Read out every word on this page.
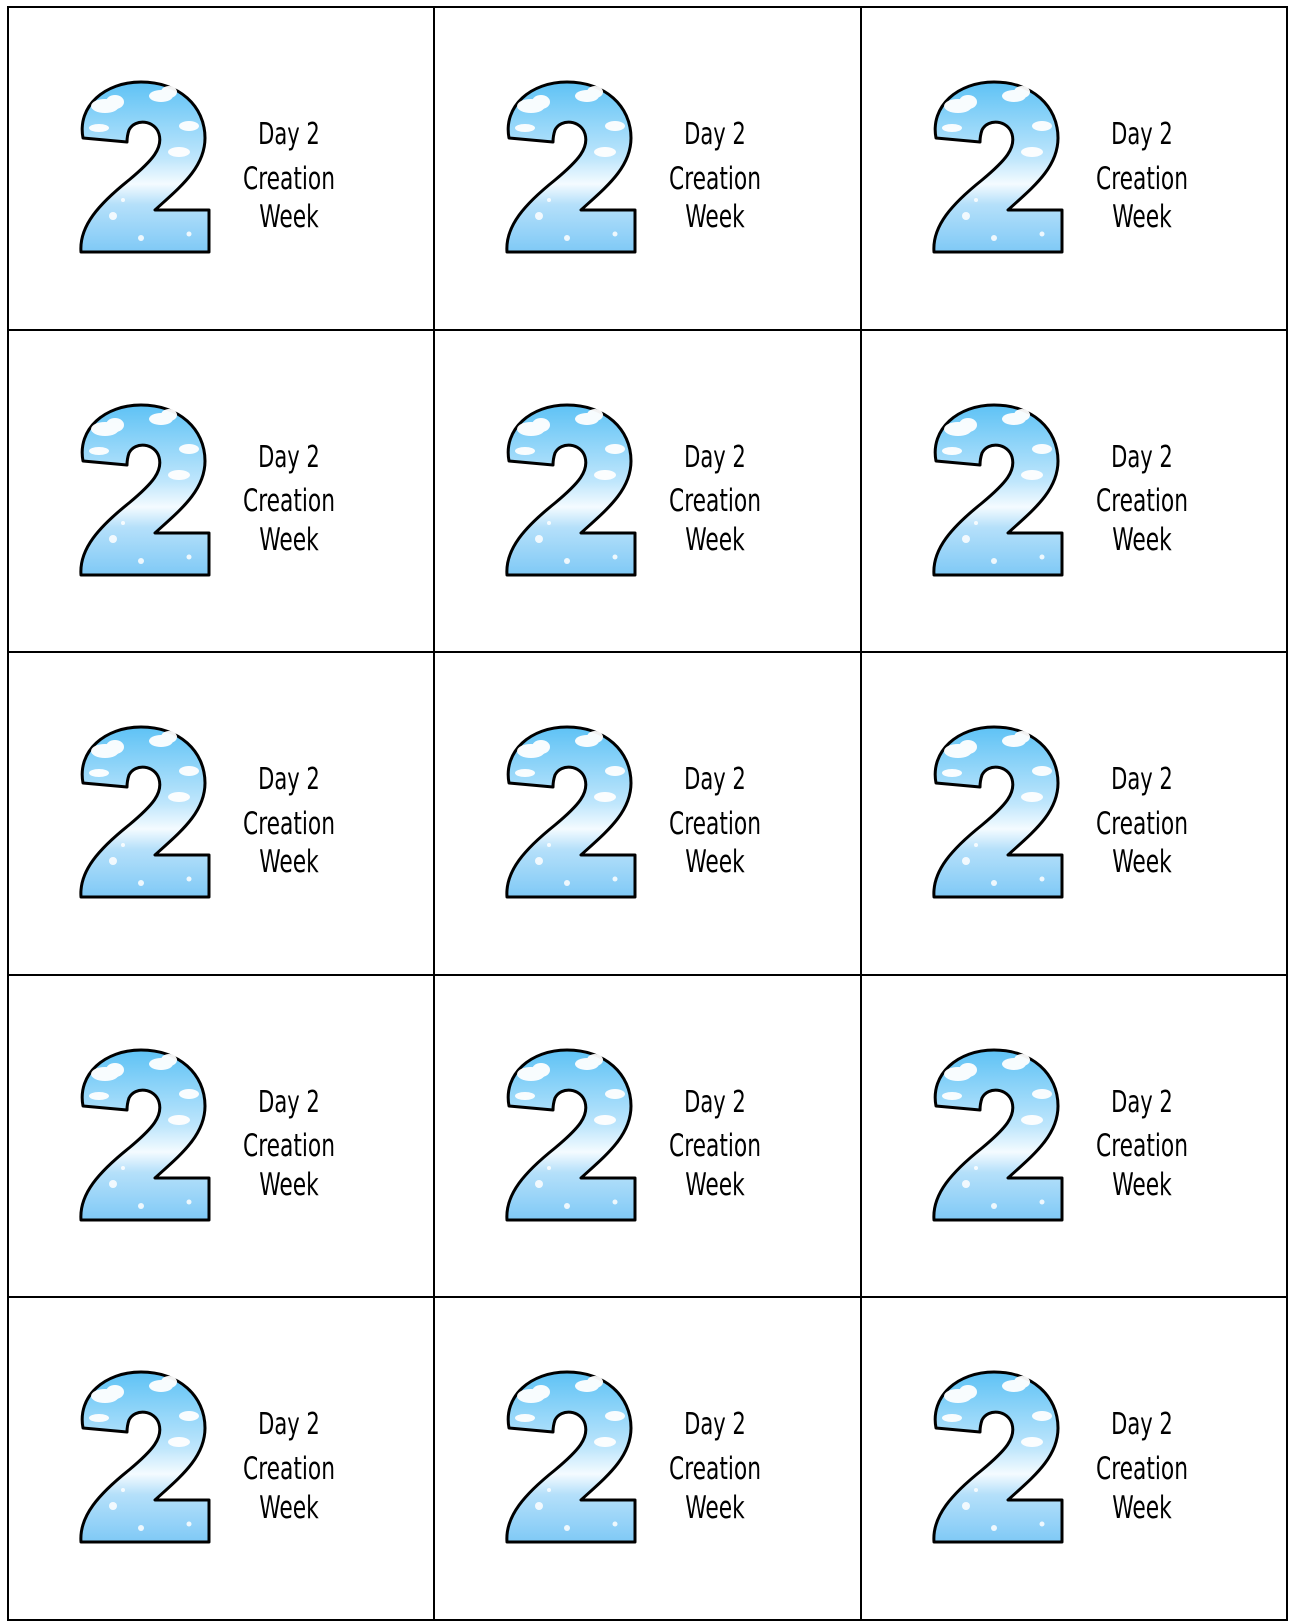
Day 2
Creation Week
Day 2
Creation Week
Day 2
Creation Week
Day 2
Creation Week
Day 2
Creation Week
Day 2
Creation Week
Day 2
Creation Week
Day 2
Creation Week
Day 2
Creation Week
Day 2
Creation Week
Day 2
Creation Week
Day 2
Creation Week
Day 2
Creation Week
Day 2
Creation Week
Day 2
Creation Week
